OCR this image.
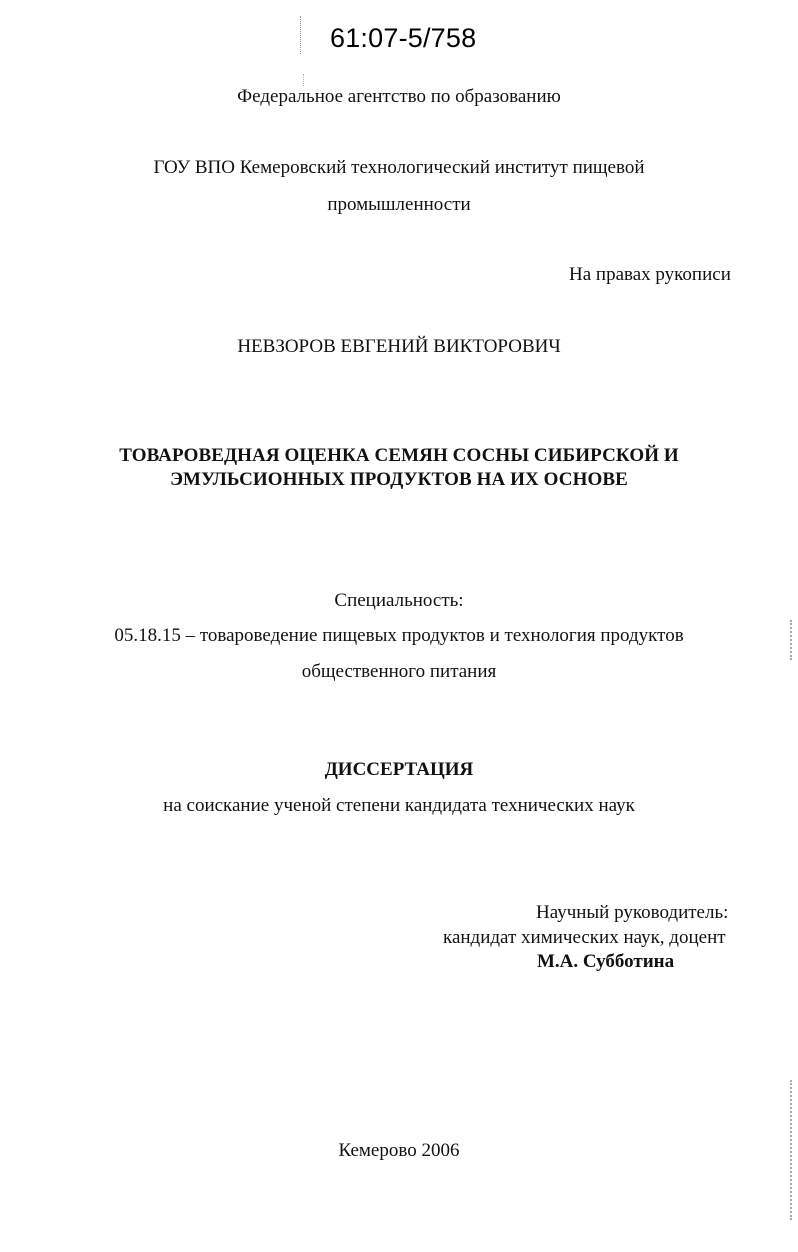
61:07-5/758
Федеральное агентство по образованию
ГОУ ВПО Кемеровский технологический институт пищевой
промышленности
На правах рукописи
НЕВЗОРОВ ЕВГЕНИЙ ВИКТОРОВИЧ
ТОВАРОВЕДНАЯ ОЦЕНКА СЕМЯН СОСНЫ СИБИРСКОЙ И
ЭМУЛЬСИОННЫХ ПРОДУКТОВ НА ИХ ОСНОВЕ
Специальность:
05.18.15 – товароведение пищевых продуктов и технология продуктов
общественного питания
ДИССЕРТАЦИЯ
на соискание ученой степени кандидата технических наук
Научный руководитель:
кандидат химических наук, доцент
М.А. Субботина
Кемерово 2006
